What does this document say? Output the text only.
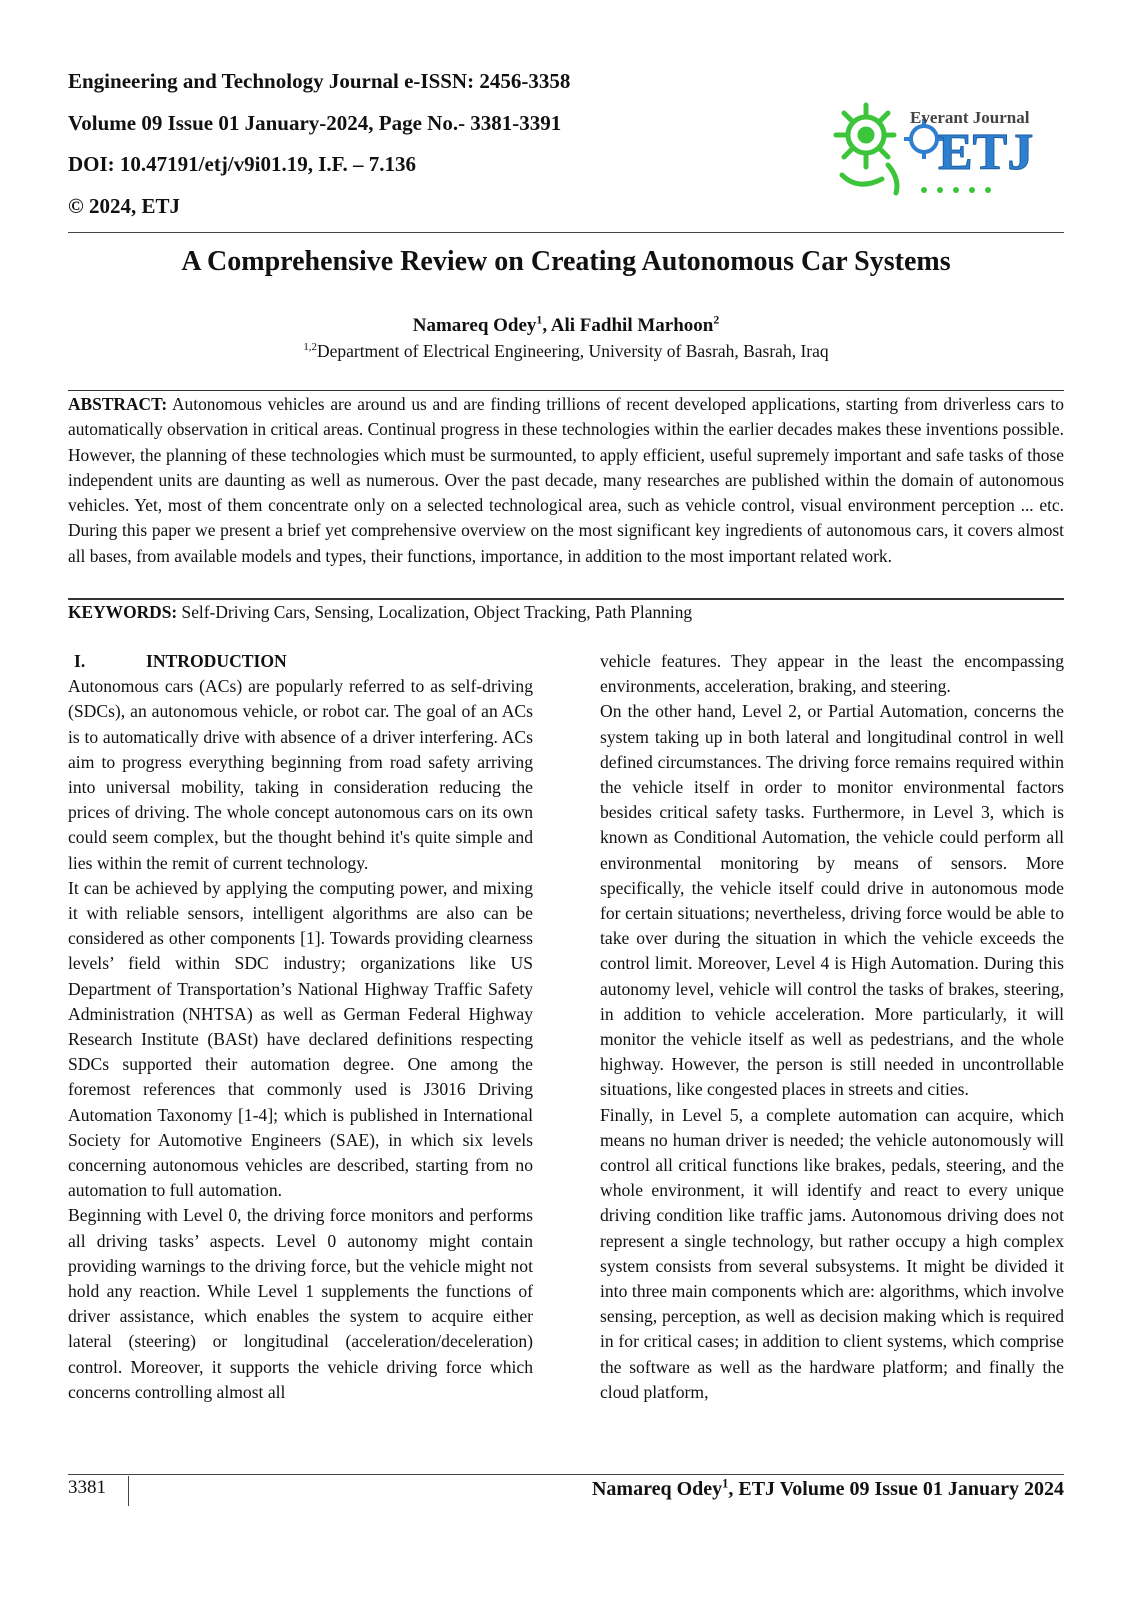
Engineering and Technology Journal e-ISSN: 2456-3358
Volume 09 Issue 01 January-2024, Page No.- 3381-3391
DOI: 10.47191/etj/v9i01.19, I.F. – 7.136
© 2024, ETJ
Everant Journal
ETJ
A Comprehensive Review on Creating Autonomous Car Systems
Namareq Odey$^1$, Ali Fadhil Marhoon$^2$
$^{1,2}$Department of Electrical Engineering, University of Basrah, Basrah, Iraq
ABSTRACT: Autonomous vehicles are around us and are finding trillions of recent developed applications, starting from driverless cars to automatically observation in critical areas. Continual progress in these technologies within the earlier decades makes these inventions possible. However, the planning of these technologies which must be surmounted, to apply efficient, useful supremely important and safe tasks of those independent units are daunting as well as numerous. Over the past decade, many researches are published within the domain of autonomous vehicles. Yet, most of them concentrate only on a selected technological area, such as vehicle control, visual environment perception ... etc. During this paper we present a brief yet comprehensive overview on the most significant key ingredients of autonomous cars, it covers almost all bases, from available models and types, their functions, importance, in addition to the most important related work.
KEYWORDS: Self-Driving Cars, Sensing, Localization, Object Tracking, Path Planning

I.	INTRODUCTION

Autonomous cars (ACs) are popularly referred to as self-driving (SDCs), an autonomous vehicle, or robot car. The goal of an ACs is to automatically drive with absence of a driver interfering. ACs aim to progress everything beginning from road safety arriving into universal mobility, taking in consideration reducing the prices of driving. The whole concept autonomous cars on its own could seem complex, but the thought behind it's quite simple and lies within the remit of current technology.

It can be achieved by applying the computing power, and mixing it with reliable sensors, intelligent algorithms are also can be considered as other components [1]. Towards providing clearness levels’ field within SDC industry; organizations like US Department of Transportation’s National Highway Traffic Safety Administration (NHTSA) as well as German Federal Highway Research Institute (BASt) have declared definitions respecting SDCs supported their automation degree. One among the foremost references that commonly used is J3016 Driving Automation Taxonomy [1-4]; which is published in International Society for Automotive Engineers (SAE), in which six levels concerning autonomous vehicles are described, starting from no automation to full automation.

Beginning with Level 0, the driving force monitors and performs all driving tasks’ aspects. Level 0 autonomy might contain providing warnings to the driving force, but the vehicle might not hold any reaction. While Level 1 supplements the functions of driver assistance, which enables the system to acquire either lateral (steering) or longitudinal (acceleration/deceleration) control. Moreover, it supports the vehicle driving force which concerns controlling almost all

vehicle features. They appear in the least the encompassing environments, acceleration, braking, and steering.

On the other hand, Level 2, or Partial Automation, concerns the system taking up in both lateral and longitudinal control in well defined circumstances. The driving force remains required within the vehicle itself in order to monitor environmental factors besides critical safety tasks. Furthermore, in Level 3, which is known as Conditional Automation, the vehicle could perform all environmental monitoring by means of sensors. More specifically, the vehicle itself could drive in autonomous mode for certain situations; nevertheless, driving force would be able to take over during the situation in which the vehicle exceeds the control limit. Moreover, Level 4 is High Automation. During this autonomy level, vehicle will control the tasks of brakes, steering, in addition to vehicle acceleration. More particularly, it will monitor the vehicle itself as well as pedestrians, and the whole highway. However, the person is still needed in uncontrollable situations, like congested places in streets and cities.

Finally, in Level 5, a complete automation can acquire, which means no human driver is needed; the vehicle autonomously will control all critical functions like brakes, pedals, steering, and the whole environment, it will identify and react to every unique driving condition like traffic jams. Autonomous driving does not represent a single technology, but rather occupy a high complex system consists from several subsystems. It might be divided it into three main components which are: algorithms, which involve sensing, perception, as well as decision making which is required in for critical cases; in addition to client systems, which comprise the software as well as the hardware platform; and finally the cloud platform,

3381	Namareq Odey$^1$, ETJ Volume 09 Issue 01 January 2024
